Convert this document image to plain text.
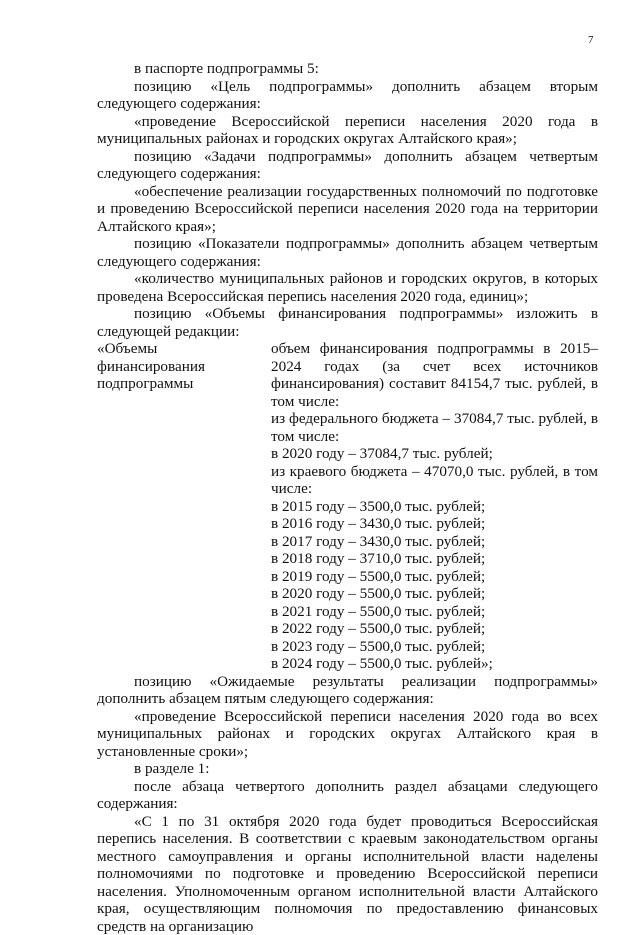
7

в паспорте подпрограммы 5:

позицию «Цель подпрограммы» дополнить абзацем вторым следующего содержания:

«проведение Всероссийской переписи населения 2020 года в муниципальных районах и городских округах Алтайского края»;

позицию «Задачи подпрограммы» дополнить абзацем четвертым следующего содержания:

«обеспечение реализации государственных полномочий по подготовке и проведению Всероссийской переписи населения 2020 года на территории Алтайского края»;

позицию «Показатели подпрограммы» дополнить абзацем четвертым следующего содержания:

«количество муниципальных районов и городских округов, в которых проведена Всероссийская перепись населения 2020 года, единиц»;

позицию «Объемы финансирования подпрограммы» изложить в следующей редакции:

«Объемы финансирования подпрограммы

объем финансирования подпрограммы в 2015–2024 годах (за счет всех источников финансирования) составит 84154,7 тыс. рублей, в том числе:

из федерального бюджета – 37084,7 тыс. рублей, в том числе:

в 2020 году – 37084,7 тыс. рублей;

из краевого бюджета – 47070,0 тыс. рублей, в том числе:

в 2015 году – 3500,0 тыс. рублей;

в 2016 году – 3430,0 тыс. рублей;

в 2017 году – 3430,0 тыс. рублей;

в 2018 году – 3710,0 тыс. рублей;

в 2019 году – 5500,0 тыс. рублей;

в 2020 году – 5500,0 тыс. рублей;

в 2021 году – 5500,0 тыс. рублей;

в 2022 году – 5500,0 тыс. рублей;

в 2023 году – 5500,0 тыс. рублей;

в 2024 году – 5500,0 тыс. рублей»;

позицию «Ожидаемые результаты реализации подпрограммы» дополнить абзацем пятым следующего содержания:

«проведение Всероссийской переписи населения 2020 года во всех муниципальных районах и городских округах Алтайского края в установленные сроки»;

в разделе 1:

после абзаца четвертого дополнить раздел абзацами следующего содержания:

«С 1 по 31 октября 2020 года будет проводиться Всероссийская перепись населения. В соответствии с краевым законодательством органы местного самоуправления и органы исполнительной власти наделены полномочиями по подготовке и проведению Всероссийской переписи населения. Уполномоченным органом исполнительной власти Алтайского края, осуществляющим полномочия по предоставлению финансовых средств на организацию
